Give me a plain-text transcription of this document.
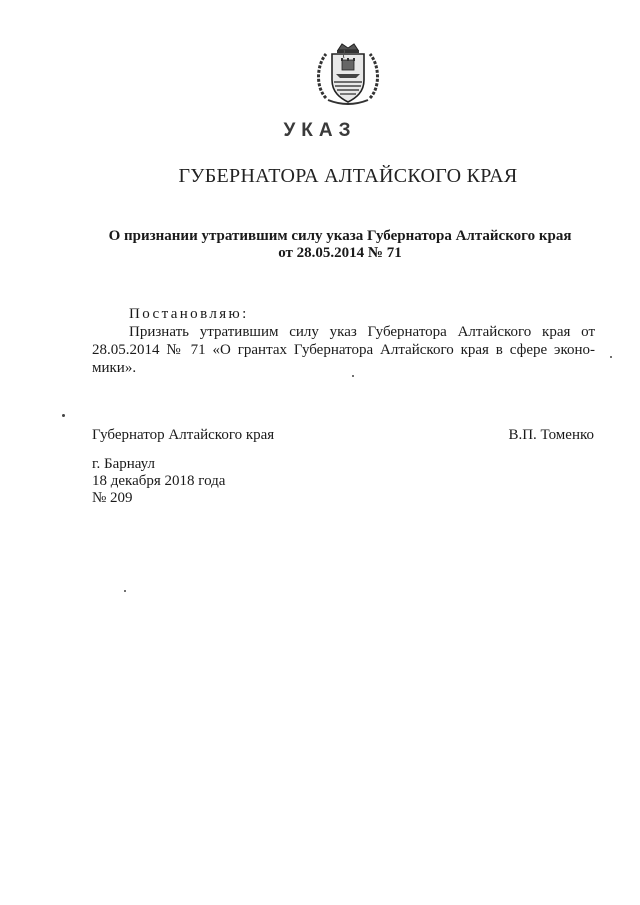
УКАЗ
ГУБЕРНАТОРА АЛТАЙСКОГО КРАЯ
О признании утратившим силу указа Губернатора Алтайского края
от 28.05.2014 № 71
Постановляю:
Признать утратившим силу указ Губернатора Алтайского края от 28.05.2014 № 71 «О грантах Губернатора Алтайского края в сфере эконо-мики».
Губернатор Алтайского края	В.П. Томенко
г. Барнаул
18 декабря 2018 года
№ 209
